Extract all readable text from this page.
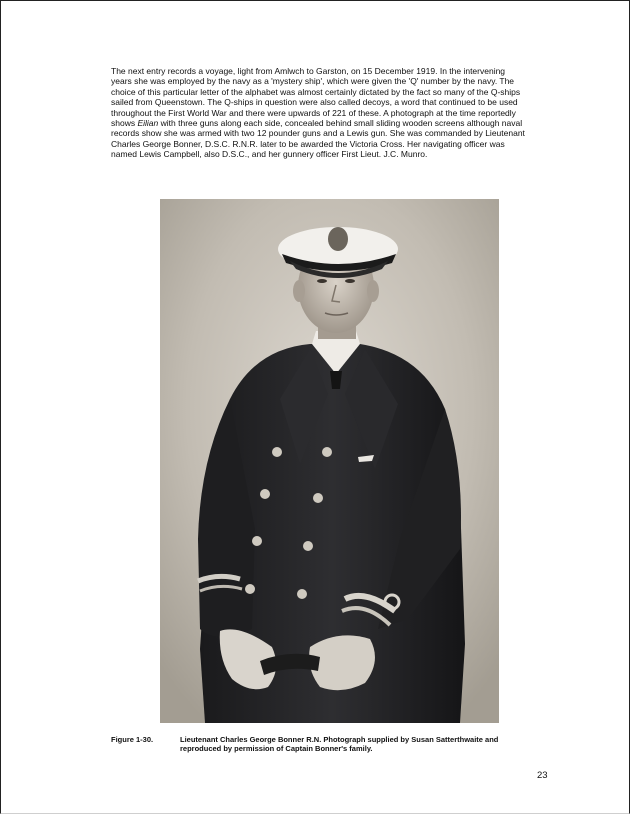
The next entry records a voyage, light from Amlwch to Garston, on 15 December 1919. In the intervening years she was employed by the navy as a 'mystery ship', which were given the 'Q' number by the navy. The choice of this particular letter of the alphabet was almost certainly dictated by the fact so many of the Q-ships sailed from Queenstown. The Q-ships in question were also called decoys, a word that continued to be used throughout the First World War and there were upwards of 221 of these. A photograph at the time reportedly shows Eilian with three guns along each side, concealed behind small sliding wooden screens although naval records show she was armed with two 12 pounder guns and a Lewis gun. She was commanded by Lieutenant Charles George Bonner, D.S.C. R.N.R. later to be awarded the Victoria Cross. Her navigating officer was named Lewis Campbell, also D.S.C., and her gunnery officer First Lieut. J.C. Munro.

Figure 1-30.	Lieutenant Charles George Bonner R.N. Photograph supplied by Susan Satterthwaite and reproduced by permission of Captain Bonner's family.
23
